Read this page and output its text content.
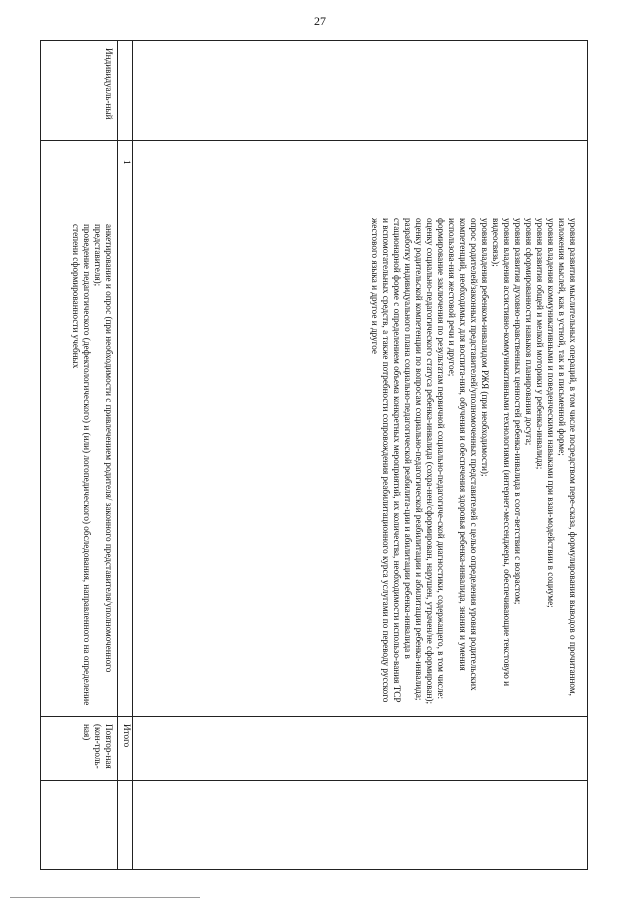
27

уровня развития мыслительных операций, в том числе посредством пере-сказа, формулирования выводов о прочитанном, изложения мыслей, как в устной, так и в письменной форме;

уровня владения коммуникативными и поведенческими навыками при взаи-модействии в социуме;

уровня развития общей и мелкой моторики у ребенка-инвалида;

уровня сформированности навыков планирования досуга;

уровня развития духовно-нравственных ценностей ребенка-инвалида в соот-ветствии с возрастом;

уровня владения ассистивно-коммуникативными технологиями (интернет-мессенджеры, обеспечивающие текстовую и видеосвязь);

уровня владения ребенком-инвалидом РЖЯ (при необходимости);

опрос родителей/законных представителей/уполномоченных представителей с целью определения уровня родительских компетенций, необходимых для воспита-ния, обучения и обеспечения здоровья ребенка-инвалида, знания и умения использова-ния жестовой речи и другое;

формирование заключения по результатам первичной социально-педагогиче-ской диагностики, содержащего, в том числе:

оценку социально-педагогического статуса ребенка-инвалида (сохра-нен/сформирован, нарушен, утрачен/не сформирован);

оценку родительской компетенции по вопросам социально-педагогической реабилитации и абилитации ребенка-инвалида;

разработку индивидуального плана социально-педагогической реабилита-ции и абилитации ребенка-инвалида в стационарной форме с определением объема конкретных мероприятий, их количества, необходимости использо-вания ТСР и вспомогательных средств, а также потребности сопровождения реабилитационного курса услугами по переводу русского жестового языка и другое и другое

Итого
1
Повтор-ная (кон-троль-ная)

анкетирование и опрос (при необходимости с привлечением родителя/ законного представителя/уполномоченного представителя);

проведение педагогического (дефектологического) и (или) логопедического) обследования, направленного на определение степени сформированности учебных

Индивидуаль-ный
